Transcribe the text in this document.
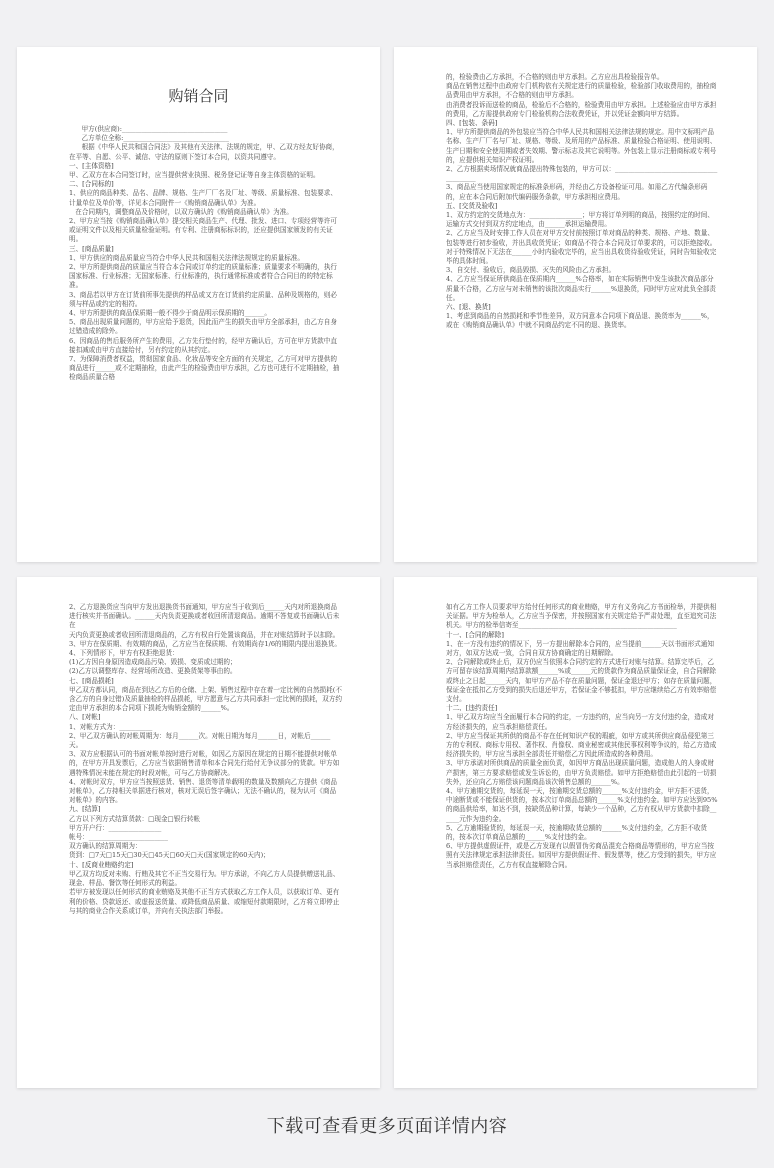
购销合同
甲方(供应商):________________________________
乙方单位全称:________________________________
根据《中华人民共和国合同法》及其他有关法律、法规的规定，甲、乙双方经友好协商，在平等、自愿、公平、诚信、守法的原则下签订本合同，以资共同遵守。
一、[主体资格]
甲、乙双方在本合同签订时，应当提供营业执照、税务登记证等自身主体资格的证明。
二、[合同标的]
1、供应的商品种类、品名、品牌、规格、生产厂厂名及厂址、等级、质量标准、包装要求、计量单位及单价等，详见本合同附件一《购销商品确认单》为准。
在合同期内，调整商品及价格时，以双方确认的《购销商品确认单》为准。
2、甲方应当按《购销商品确认单》提交相关商品生产、代理、批发、进口、专项经营等许可或证明文件以及相关质量检验证明。有专利、注册商标标识的，还应提供国家颁发的有关证明。
三、[商品质量]
1、甲方供应的商品质量应当符合中华人民共和国相关法律法规规定的质量标准。
2、甲方所提供商品的质量应当符合本合同或订单约定的质量标准；质量要求不明确的，执行国家标准、行业标准；无国家标准、行业标准的，执行通常标准或者符合合同目的的特定标准。
3、商品若以甲方在订货前所事先提供的样品或又方在订货前约定质量、品种及规格的，则必须与样品或约定的相符。
4、甲方所提供的商品保质期一般不得少于商品明示保质期的______。
5、商品出现质量问题的，甲方应给予退货，因此而产生的损失由甲方全部承担，由乙方自身过错造成的除外。
6、因商品的售后服务所产生的费用，乙方先行垫付的，经甲方确认后，方可在甲方货款中直接扣减或由甲方直接给付，另有约定的从其约定。
7、为保障消费者权益，贯彻国家食品、化妆品等安全方面的有关规定，乙方可对甲方提供的商品进行______或不定期抽检，由此产生的检验费由甲方承担，乙方也可进行不定期抽检，抽检商品质量合格
的，检验费由乙方承担，不合格的则由甲方承担。乙方应出具检验报告单。
商品在销售过程中由政府专门机构依有关规定进行的质量检验，检验部门收取费用的，抽检商品费用由甲方承担，不合格的则由甲方承担。
由消费者投诉而送检的商品，检验后不合格的，检验费用由甲方承担。上述检验应由甲方承担的费用，乙方需提供政府专门检验机构合法收费凭证，并以凭证金额向甲方结算。
四、[包装、条码]
1、甲方所提供商品的外包装应当符合中华人民共和国相关法律法规的规定。用中文标明产品名称、生产厂厂名与厂址、规格、等级、及所用的产品标准、质量检验合格证明、使用说明、生产日期和安全使用期或者失效期、警示标志及其它说明等。外包装上显示注册商标或专利号的，应提供相关知识产权证明。
2、乙方根据卖场情况就商品提出特殊包装的，甲方可以：________________________________________
3、商品应当使用国家规定的标准条形码，并经由乙方设备检证可用。如需乙方代编条形码的，应在本合同后附加代编码服务条款，甲方承担相应费用。
五、[交货及验收]
1、双方约定的交货地点为：________________；甲方将订单列明的商品，按照约定的时间、运输方式交付到双方约定地点，由______承担运输费用。
2、乙方应当及时安排工作人员在对甲方交付前按照订单对商品的种类、规格、产地、数量、包装等进行初步验收，并出具收货凭证；如商品不符合本合同及订单要求的，可以拒绝接收。对于特殊情况下无法在______小时内验收完毕的，应当出具收货待验收凭证，同时告知验收完毕的具体时间。
3、自交付、验收后，商品毁损、灭失的风险由乙方承担。
4、乙方应当保证所供商品在保质期内______%合格率，如在实际销售中发生该批次商品部分质量不合格，乙方应与对未销售的该批次商品实行______%退换货，同时甲方应对此负全部责任。
六、[退、换货]
1、考虑到商品的自然损耗和季节性差异，双方同意本合同项下商品退、换货率为______%，或在《购销商品确认单》中就不同商品约定不同的退、换货率。
2、乙方退换货应当向甲方发出退换货书面通知，甲方应当于收到后______天内对所退换商品进行核实并书面确认。______天内负责更换或者收回所清退商品。逾期不答复或书面确认后未在
天内负责更换或者收回所清退商品的，乙方有权自行处置该商品，并在对账结算时予以扣除。
3、甲方在保质期、有效期的商品，乙方应当在保质期、有效期尚存1/6的期限内提出退换货。
4、下列情形下，甲方有权拒绝退货：
(1)乙方因自身原因造成商品污染、毁损、变质或过期的；
(2)乙方以调整库存、经营场所改造、更换货架等事由的。
七、[商品损耗]
甲乙双方都认同，商品在到达乙方后的仓储、上架、销售过程中存在着一定比例的自然损耗(不含乙方的自身过错)及质量抽检的样品损耗，甲方愿意与乙方共同承担一定比例的损耗，双方约定由甲方承担的本合同项下损耗为购销金额的______%。
八、[对帐]
1、对帐方式为：__________
2、甲乙双方确认的对帐周期为：每月______次。对帐日期为每月______日，对帐后______天。
3、双方应根据认可的书面对帐单按时进行对帐，如因乙方原因在规定的日期不能提供对帐单的，在甲方开具发票后，乙方应当依据销售清单和本合同先行给付无争议部分的货款。甲方如遇特殊情况未能在规定的时段对帐，可与乙方协商解决。
4、对帐时双方，甲方应当按照送货、销售、退货等清单载明的数量及数额向乙方提供《商品对帐单》，乙方持相关单据进行核对，核对无误后签字确认；无法不确认的，视为认可《商品对帐单》的内容。
九、[结算]
乙方以下列方式结算货款：□现金□银行转帐
甲方开户行：________________
帐号：________________________
双方确认的结算周期为：
货到：□7天□15天□30天□45天□60天□天(国家规定的60天内)；
十、[反商业贿赂约定]
甲乙双方均反对未购、行贿及其它不正当交易行为。甲方承诺，不向乙方人员提供赠送礼品、现金、样品、餐饮等任何形式的利益。
若甲方被发现以任何形式的商业贿赂及其他不正当方式获取乙方工作人员，以获取订单、更有利的价格、贷款返还、或虚报送货量、或降低商品质量、或缩短付款期限时，乙方将立即停止与其的商业合作关系或订单，并向有关执法部门举报。
如有乙方工作人员要求甲方给付任何形式的商业贿赂，甲方有义务向乙方书面检举，并提供相关证据。甲方为检举人，乙方应当予保密，并按照国家有关规定给予严肃处理，直至追究司法机关。甲方的检举信寄至________________________________________________
十一、[合同的解除]
1、在一方没有违约的情况下，另一方提出解除本合同的，应当提前______天以书面形式通知对方，如双方达成一致，合同自双方协商确定的日期解除。
2、合同解除或终止后，双方仍应当依照本合同约定的方式进行对账与结算。结算完毕后，乙方可留存该结算周期内结算款额______%或______元的货款作为商品质量保证金，自合同解除或终止之日起______天内，如甲方产品不存在质量问题，保证金退还甲方；如存在质量问题，保证金在抵扣乙方受到的损失后退还甲方，若保证金不够抵扣，甲方应继续给乙方有效率赔偿支付。
十二、[违约责任]
1、甲乙双方均应当全面履行本合同的约定，一方违约的，应当向另一方支付违约金，造成对方经济损失的，应当承担赔偿责任。
2、甲方应当保证其所供的商品不存在任何知识产权的瑕疵，如甲方或其所供应商品侵犯第三方的专利权、商标专用权、著作权、肖像权、商业秘密或其他民事权利等争议的，给乙方造成经济损失的，甲方应当承担全部责任并赔偿乙方因此所造成的各种费用。
3、甲方承诺对所供商品的质量全面负责，如因甲方商品出现质量问题，造成他人的人身或财产损害，第三方要求赔偿或发生诉讼的，由甲方负责赔偿。如甲方拒绝赔偿由此引起的一切损失外，还应向乙方赔偿该问题商品该次销售总额的______%。
4、甲方逾期交货的，每延误一天，按逾期交货总额的______%支付违约金，甲方拒不送货，中途断货或不能保证供货的，按本次订单商品总额的______%支付违约金。如甲方应达到95%的商品供给率，如达不到，按缺货品种计算，每缺少一个品种，乙方有权从甲方货款中扣除______元作为违约金。
5、乙方逾期验货的，每延误一天，按逾期收货总额的______%支付违约金，乙方拒不收货的，按本次订单商品总额的______%支付违约金。
6、甲方提供虚假证件，或是乙方发现有以假冒伪劣商品混充合格商品等情形的，甲方应当按照有关法律规定承担法律责任。如因甲方提供假证件、假发票等，使乙方受到的损失，甲方应当承担赔偿责任，乙方有权直接解除合同。
下载可查看更多页面详情内容
